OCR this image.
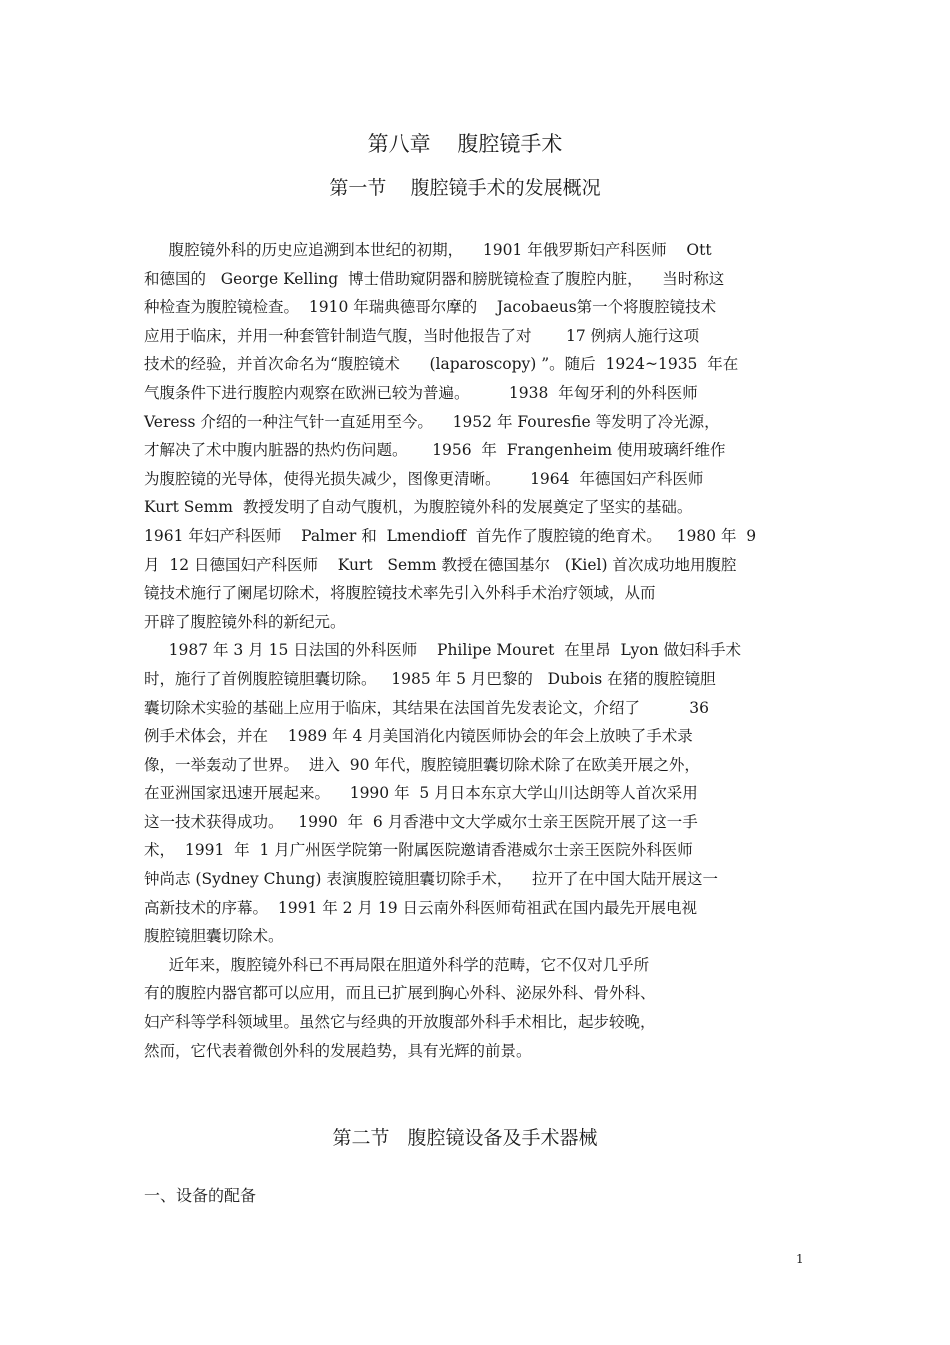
第八章    腹腔镜手术
第一节    腹腔镜手术的发展概况
腹腔镜外科的历史应追溯到本世纪的初期，    1901 年俄罗斯妇产科医师    Ott
和德国的   George Kelling  博士借助窥阴器和膀胱镜检查了腹腔内脏，    当时称这
种检查为腹腔镜检查。  1910 年瑞典德哥尔摩的    Jacobaeus第一个将腹腔镜技术
应用于临床，并用一种套管针制造气腹，当时他报告了对       17 例病人施行这项
技术的经验，并首次命名为“腹腔镜术      (laparoscopy) ”。随后  1924~1935  年在
气腹条件下进行腹腔内观察在欧洲已较为普遍。        1938  年匈牙利的外科医师
Veress 介绍的一种注气针一直延用至今。    1952 年 Fouresfie 等发明了冷光源，
才解决了术中腹内脏器的热灼伤问题。     1956  年  Frangenheim 使用玻璃纤维作
为腹腔镜的光导体，使得光损失减少，图像更清晰。      1964  年德国妇产科医师
Kurt Semm  教授发明了自动气腹机，为腹腔镜外科的发展奠定了坚实的基础。
1961 年妇产科医师    Palmer 和  Lmendioff  首先作了腹腔镜的绝育术。   1980 年  9
月  12 日德国妇产科医师    Kurt   Semm 教授在德国基尔   (Kiel) 首次成功地用腹腔
镜技术施行了阑尾切除术，将腹腔镜技术率先引入外科手术治疗领域，从而
开辟了腹腔镜外科的新纪元。
1987 年 3 月 15 日法国的外科医师    Philipe Mouret  在里昂  Lyon 做妇科手术
时，施行了首例腹腔镜胆囊切除。   1985 年 5 月巴黎的   Dubois 在猪的腹腔镜胆
囊切除术实验的基础上应用于临床，其结果在法国首先发表论文，介绍了          36
例手术体会，并在    1989 年 4 月美国消化内镜医师协会的年会上放映了手术录
像，一举轰动了世界。  进入  90 年代，腹腔镜胆囊切除术除了在欧美开展之外，
在亚洲国家迅速开展起来。    1990 年  5 月日本东京大学山川达朗等人首次采用
这一技术获得成功。   1990  年  6 月香港中文大学威尔士亲王医院开展了这一手
术，  1991  年  1 月广州医学院第一附属医院邀请香港威尔士亲王医院外科医师
钟尚志 (Sydney Chung) 表演腹腔镜胆囊切除手术，    拉开了在中国大陆开展这一
高新技术的序幕。  1991 年 2 月 19 日云南外科医师荀祖武在国内最先开展电视
腹腔镜胆囊切除术。
近年来，腹腔镜外科已不再局限在胆道外科学的范畴，它不仅对几乎所
有的腹腔内器官都可以应用，而且已扩展到胸心外科、泌尿外科、骨外科、
妇产科等学科领域里。虽然它与经典的开放腹部外科手术相比，起步较晚，
然而，它代表着微创外科的发展趋势，具有光辉的前景。
第二节   腹腔镜设备及手术器械
一、设备的配备
1
